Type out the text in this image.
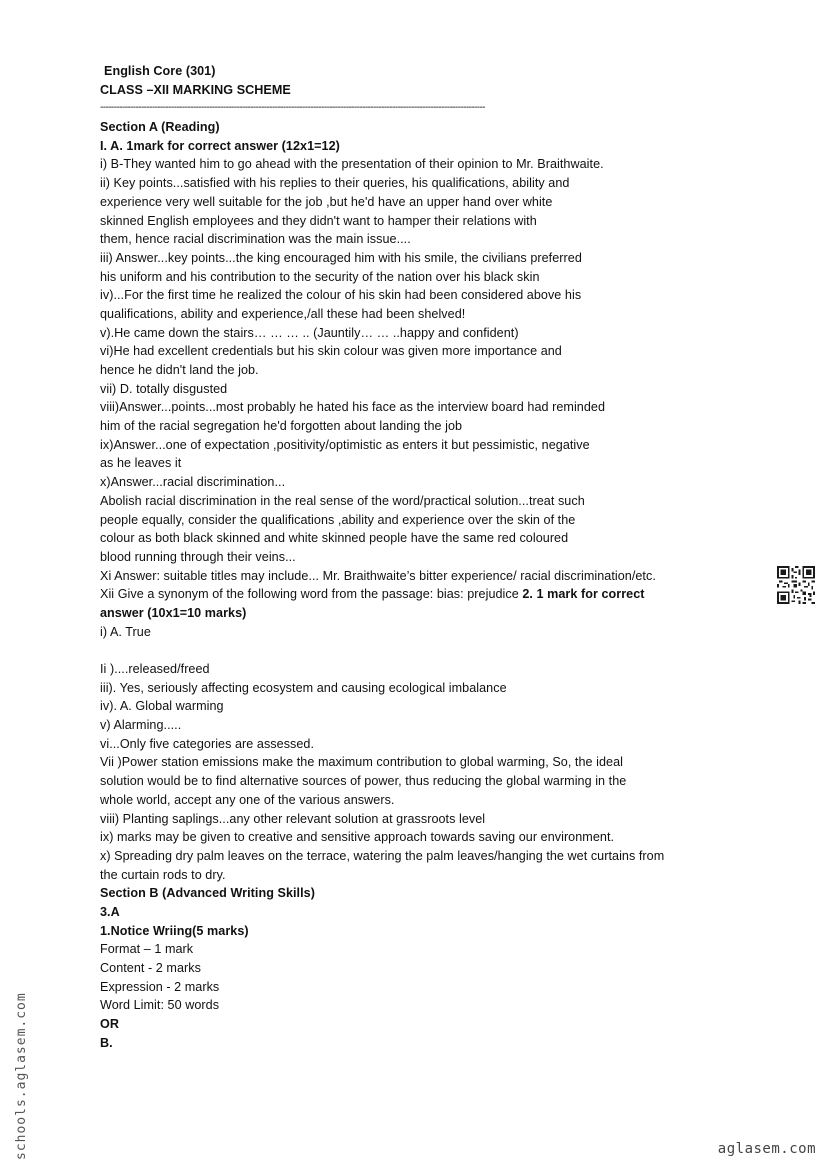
English Core (301)
CLASS –XII MARKING SCHEME
---------------------------------------------------------------------------------------------------------------------------------------------
Section A (Reading)
I. A. 1mark for correct answer (12x1=12)
i) B-They wanted him to go ahead with the presentation of their opinion to Mr. Braithwaite.
ii) Key points...satisfied with his replies to their queries, his qualifications, ability and
experience very well suitable for the job ,but he'd have an upper hand over white
skinned English employees and they didn't want to hamper their relations with
them, hence racial discrimination was the main issue....
iii) Answer...key points...the king encouraged him with his smile, the civilians preferred
his uniform and his contribution to the security of the nation over his black skin
iv)...For the first time he realized the colour of his skin had been considered above his
qualifications, ability and experience,/all these had been shelved!
v).He came down the stairs… … … .. (Jauntily… … ..happy and confident)
vi)He had excellent credentials but his skin colour was given more importance and
hence he didn't land the job.
vii) D. totally disgusted
viii)Answer...points...most probably he hated his face as the interview board had reminded
him of the racial segregation he'd forgotten about landing the job
ix)Answer...one of expectation ,positivity/optimistic as enters it but pessimistic, negative
as he leaves it
x)Answer...racial discrimination...
Abolish racial discrimination in the real sense of the word/practical solution...treat such
people equally, consider the qualifications ,ability and experience over the skin of the
colour as both black skinned and white skinned people have the same red coloured
blood running through their veins...
Xi Answer: suitable titles may include... Mr. Braithwaite’s bitter experience/ racial discrimination/etc.
Xii Give a synonym of the following word from the passage: bias: prejudice 2. 1 mark for correct
answer (10x1=10 marks)
i) A. True
Ii )....released/freed
iii). Yes, seriously affecting ecosystem and causing ecological imbalance
iv). A. Global warming
v) Alarming.....
vi...Only five categories are assessed.
Vii )Power station emissions make the maximum contribution to global warming, So, the ideal
solution would be to find alternative sources of power, thus reducing the global warming in the
whole world, accept any one of the various answers.
viii) Planting saplings...any other relevant solution at grassroots level
ix) marks may be given to creative and sensitive approach towards saving our environment.
x) Spreading dry palm leaves on the terrace, watering the palm leaves/hanging the wet curtains from
the curtain rods to dry.
Section B (Advanced Writing Skills)
3.A
1.Notice Wriing(5 marks)
Format – 1 mark
Content - 2 marks
Expression - 2 marks
Word Limit: 50 words
OR
B.
schools.aglasem.com	aglasem.com
